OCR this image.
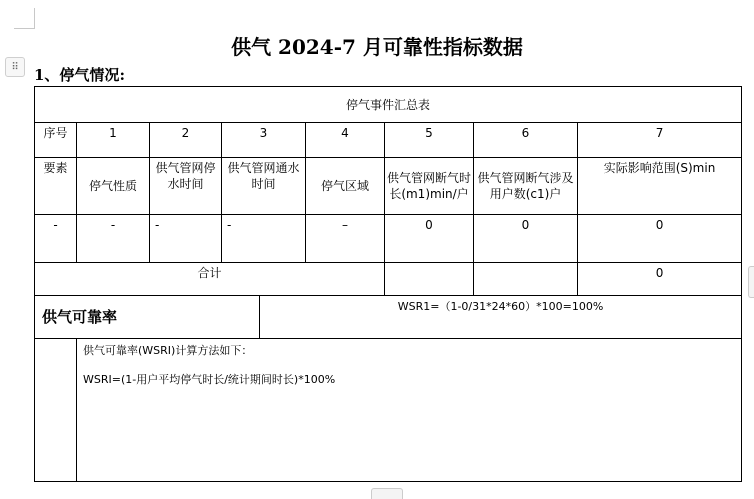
⠿
供气 2024-7 月可靠性指标数据
1、停气情况:
停气事件汇总表							
序号	1	2	3	4	5	6	7
要素	停气性质	供气管网停水时间	供气管网通水时间	停气区域	供气管网断气时长(m1)min/户	供气管网断气涉及用户数(c1)户	实际影响范围(S)min
-	-	-	-	–	0	0	0
合计							0
供气可靠率		WSR1=（1-0/31*24*60）*100=100%

	供气可靠率(WSRI)计算方法如下：
WSRI=(1-用户平均停气时长/统计期间时长)*100%	
